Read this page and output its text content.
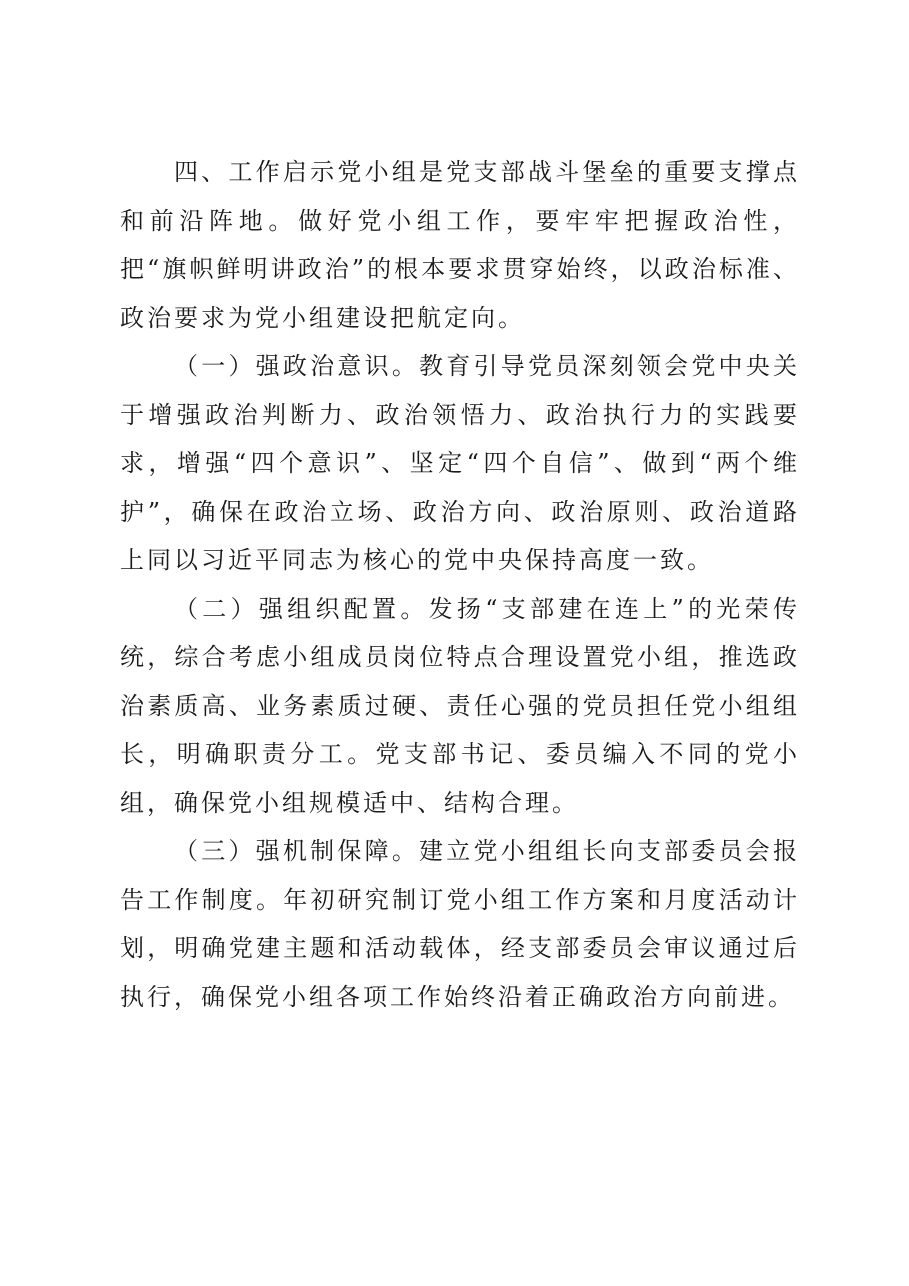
四、工作启示党小组是党支部战斗堡垒的重要支撑点和前沿阵地。做好党小组工作，要牢牢把握政治性，把“旗帜鲜明讲政治”的根本要求贯穿始终，以政治标准、政治要求为党小组建设把航定向。

（一）强政治意识。教育引导党员深刻领会党中央关于增强政治判断力、政治领悟力、政治执行力的实践要求，增强“四个意识”、坚定“四个自信”、做到“两个维护”，确保在政治立场、政治方向、政治原则、政治道路上同以习近平同志为核心的党中央保持高度一致。

（二）强组织配置。发扬“支部建在连上”的光荣传统，综合考虑小组成员岗位特点合理设置党小组，推选政治素质高、业务素质过硬、责任心强的党员担任党小组组长，明确职责分工。党支部书记、委员编入不同的党小组，确保党小组规模适中、结构合理。

（三）强机制保障。建立党小组组长向支部委员会报告工作制度。年初研究制订党小组工作方案和月度活动计划，明确党建主题和活动载体，经支部委员会审议通过后执行，确保党小组各项工作始终沿着正确政治方向前进。
